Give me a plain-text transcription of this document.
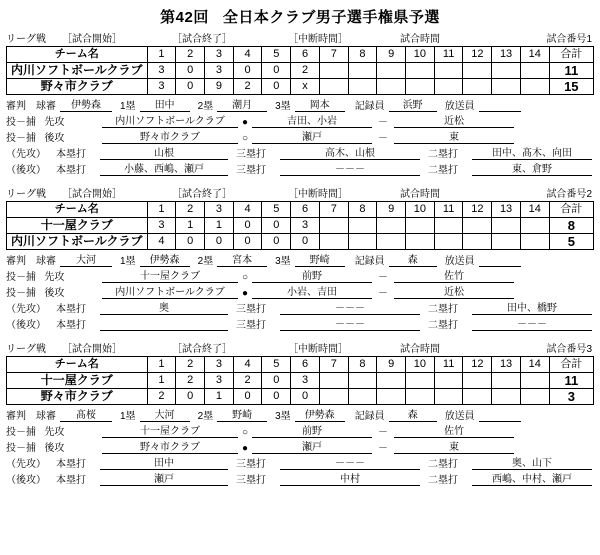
第42回 全日本クラブ男子選手権県予選
リーグ戦	［試合開始］	［試合終了］	［中断時間］	試合時間	試合番号1
チーム名	1	2	3	4	5	6	7	8	9	10	11	12	13	14	合計
内川ソフトボールクラブ	3	0	3	0	0	2									11
野々市クラブ	3	0	9	2	0	x									15
審判 球審	伊勢森	1塁	田中	2塁	潮月	3塁	岡本	記録員	浜野	放送員
投－捕 先攻	内川ソフトボールクラブ	●	吉田、小岩	－	近松
投－捕 後攻	野々市クラブ	○	瀬戸	－	東
（先攻）	本塁打	山根	三塁打	高木、山根	二塁打	田中、髙木、向田
（後攻）	本塁打	小藤、西嶋、瀬戸	三塁打	－－－	二塁打	東、倉野
リーグ戦	［試合開始］	［試合終了］	［中断時間］	試合時間	試合番号2
チーム名	1	2	3	4	5	6	7	8	9	10	11	12	13	14	合計
十一屋クラブ	3	1	1	0	0	3									8
内川ソフトボールクラブ	4	0	0	0	0	0									5
審判 球審	大河	1塁	伊勢森	2塁	宮本	3塁	野崎	記録員	森	放送員
投－捕 先攻	十一屋クラブ	○	前野	－	佐竹
投－捕 後攻	内川ソフトボールクラブ	●	小岩、吉田	－	近松
（先攻）	本塁打	奥	三塁打	－－－	二塁打	田中、橋野
（後攻）	本塁打	三塁打	－－－	二塁打	－－－
リーグ戦	［試合開始］	［試合終了］	［中断時間］	試合時間	試合番号3
チーム名	1	2	3	4	5	6	7	8	9	10	11	12	13	14	合計
十一屋クラブ	1	2	3	2	0	3									11
野々市クラブ	2	0	1	0	0	0									3
審判 球審	髙桜	1塁	大河	2塁	野崎	3塁	伊勢森	記録員	森	放送員
投－捕 先攻	十一屋クラブ	○	前野	－	佐竹
投－捕 後攻	野々市クラブ	●	瀬戸	－	東
（先攻）	本塁打	田中	三塁打	－－－	二塁打	奥、山下
（後攻）	本塁打	瀬戸	三塁打	中村	二塁打	西嶋、中村、瀬戸
